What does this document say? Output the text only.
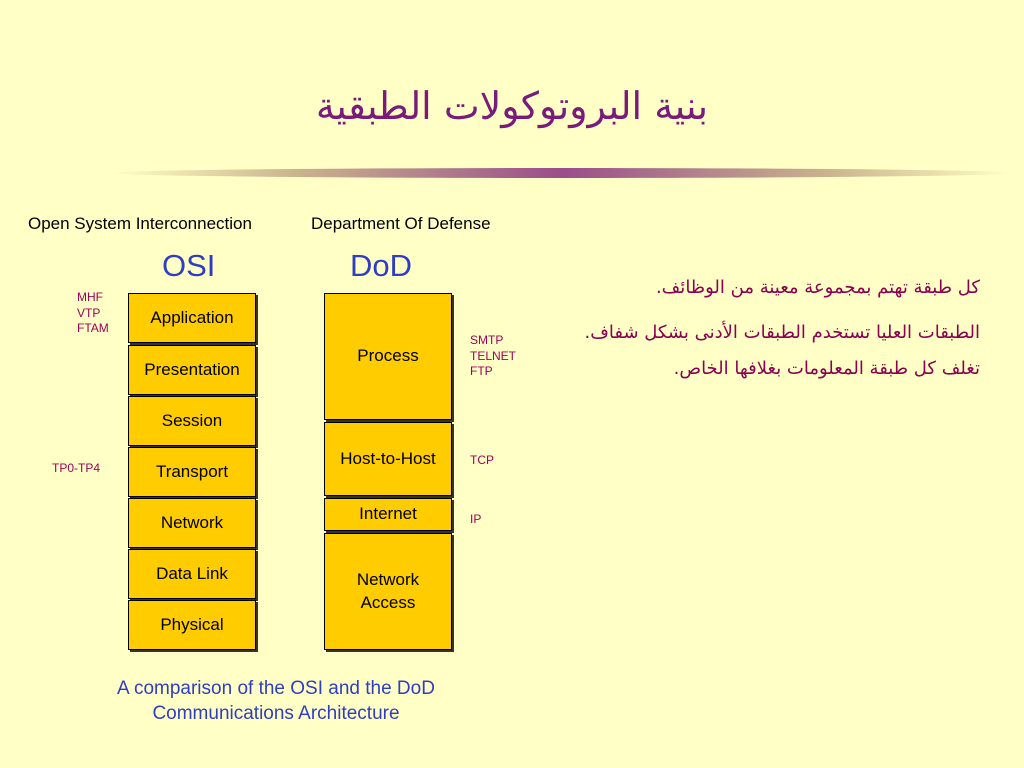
بنية البروتوكولات الطبقية
Open System Interconnection	Department Of Defense
OSI	DoD
MHF
VTP
FTAM
TP0-TP4
Application
Presentation
Session
Transport
Network
Data Link
Physical
Process
Host-to-Host
Internet
Network
Access
SMTP
TELNET
FTP
TCP
IP

كل طبقة تهتم بمجموعة معينة من الوظائف.

الطبقات العليا تستخدم الطبقات الأدنى بشكل شفاف.

تغلف كل طبقة المعلومات بغلافها الخاص.

A comparison of the OSI and the DoD
Communications Architecture
